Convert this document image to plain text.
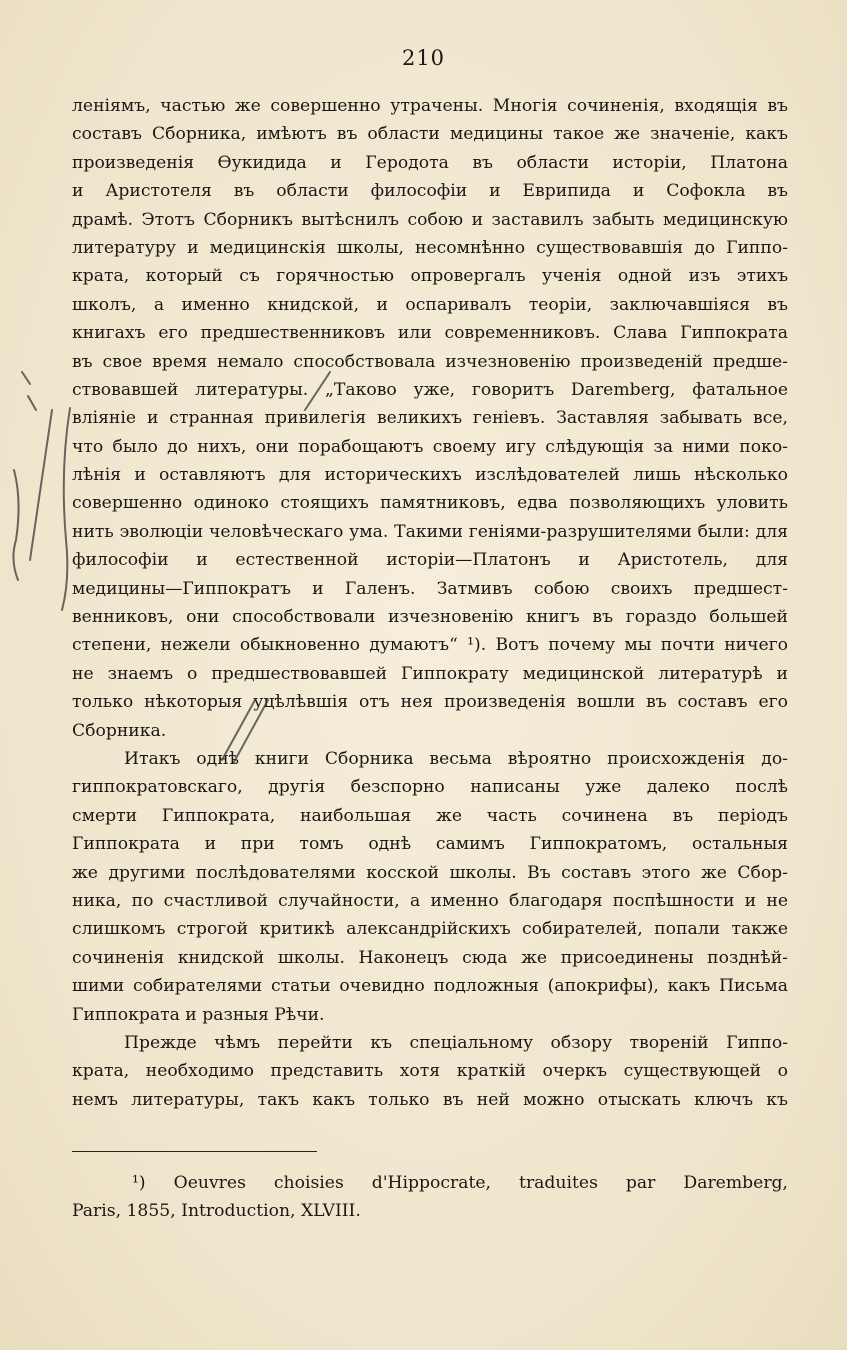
210
леніямъ, частью же совершенно утрачены. Многія сочиненія, входящія въ
составъ Сборника, имѣютъ въ области медицины такое же значеніе, какъ
произведенія Ѳукидида и Геродота въ области исторіи, Платона
и Аристотеля въ области философіи и Еврипида и Софокла въ
драмѣ. Этотъ Сборникъ вытѣснилъ собою и заставилъ забыть медицинскую
литературу и медицинскія школы, несомнѣнно существовавшія до Гиппо-
крата, который съ горячностью опровергалъ ученія одной изъ этихъ
школъ, а именно книдской, и оспаривалъ теоріи, заключавшіяся въ
книгахъ его предшественниковъ или современниковъ. Слава Гиппократа
въ свое время немало способствовала изчезновенію произведеній предше-
ствовавшей литературы. „Таково уже, говоритъ Daremberg, фатальное
вліяніе и странная привилегія великихъ геніевъ. Заставляя забывать все,
что было до нихъ, они порабощаютъ своему игу слѣдующія за ними поко-
лѣнія и оставляютъ для историческихъ изслѣдователей лишь нѣсколько
совершенно одиноко стоящихъ памятниковъ, едва позволяющихъ уловить
нить эволюціи человѣческаго ума. Такими геніями-разрушителями были: для
философіи и естественной исторіи—Платонъ и Аристотель, для
медицины—Гиппократъ и Галенъ. Затмивъ собою своихъ предшест-
венниковъ, они способствовали изчезновенію книгъ въ гораздо большей
степени, нежели обыкновенно думаютъ“ ¹). Вотъ почему мы почти ничего
не знаемъ о предшествовавшей Гиппократу медицинской литературѣ и
только нѣкоторыя уцѣлѣвшія отъ нея произведенія вошли въ составъ его
Сборника.
Итакъ однѣ книги Сборника весьма вѣроятно происхожденія до-
гиппократовскаго, другія безспорно написаны уже далеко послѣ
смерти Гиппократа, наибольшая же часть сочинена въ періодъ
Гиппократа и при томъ однѣ самимъ Гиппократомъ, остальныя
же другими послѣдователями косской школы. Въ составъ этого же Сбор-
ника, по счастливой случайности, а именно благодаря поспѣшности и не
слишкомъ строгой критикѣ александрійскихъ собирателей, попали также
сочиненія книдской школы. Наконецъ сюда же присоединены позднѣй-
шими собирателями статьи очевидно подложныя (апокрифы), какъ Письма
Гиппократа и разныя Рѣчи.
Прежде чѣмъ перейти къ спеціальному обзору твореній Гиппо-
крата, необходимо представить хотя краткій очеркъ существующей о
немъ литературы, такъ какъ только въ ней можно отыскать ключъ къ
¹) Oeuvres choisies d'Hippocrate, traduites par Daremberg,
Paris, 1855, Introduction, XLVIII.
